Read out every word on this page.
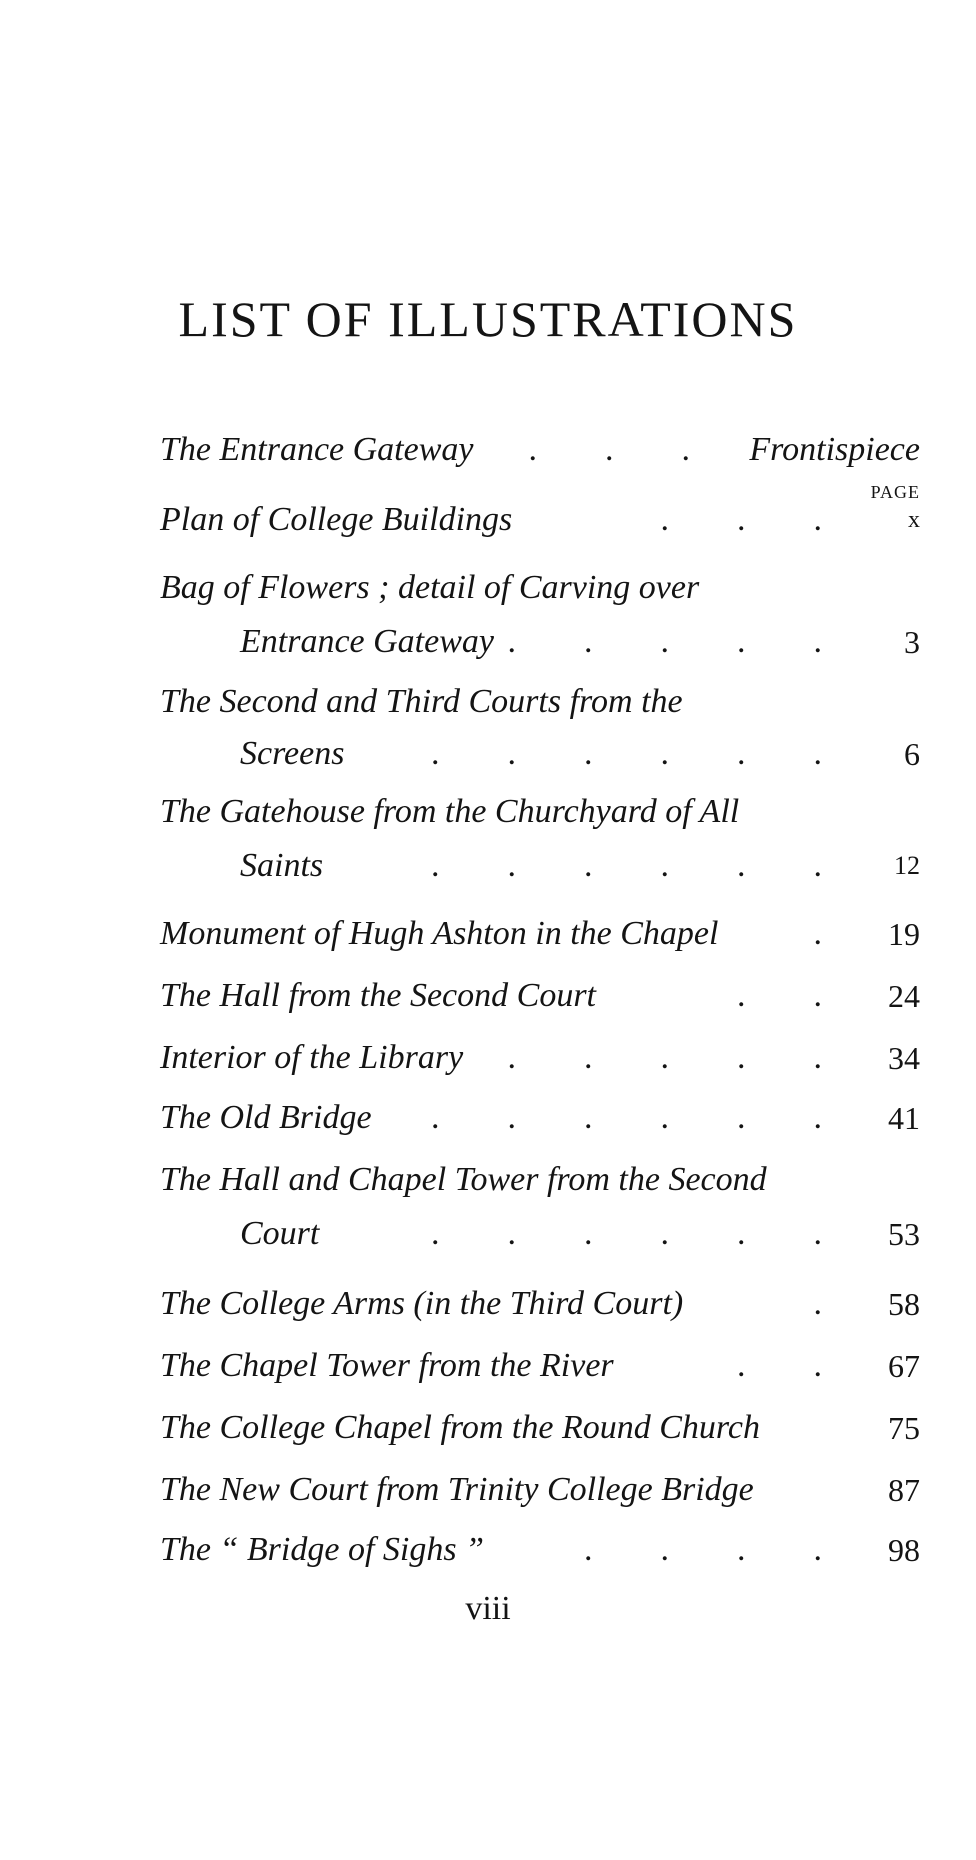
LIST OF ILLUSTRATIONS
PAGE
The Entrance Gateway .        .        . Frontispiece
Plan of College Buildings	.        .        .	x
Bag of Flowers ; detail of Carving over
Entrance Gateway .        .        .        .        .	3
The Second and Third Courts from the
Screens	.        .        .        .        .        .	6
The Gatehouse from the Churchyard of All
Saints	.        .        .        .        .        .	12
Monument of Hugh Ashton in the Chapel	.	19
The Hall from the Second Court	.        .	24
Interior of the Library .        .        .        .        .	34
The Old Bridge .        .        .        .        .        .	41
The Hall and Chapel Tower from the Second
Court	.        .        .        .        .        .	53
The College Arms (in the Third Court)	.	58
The Chapel Tower from the River	.        .	67
The College Chapel from the Round Church	75
The New Court from Trinity College Bridge	87
The “ Bridge of Sighs ”	.        .        .        .	98
viii
